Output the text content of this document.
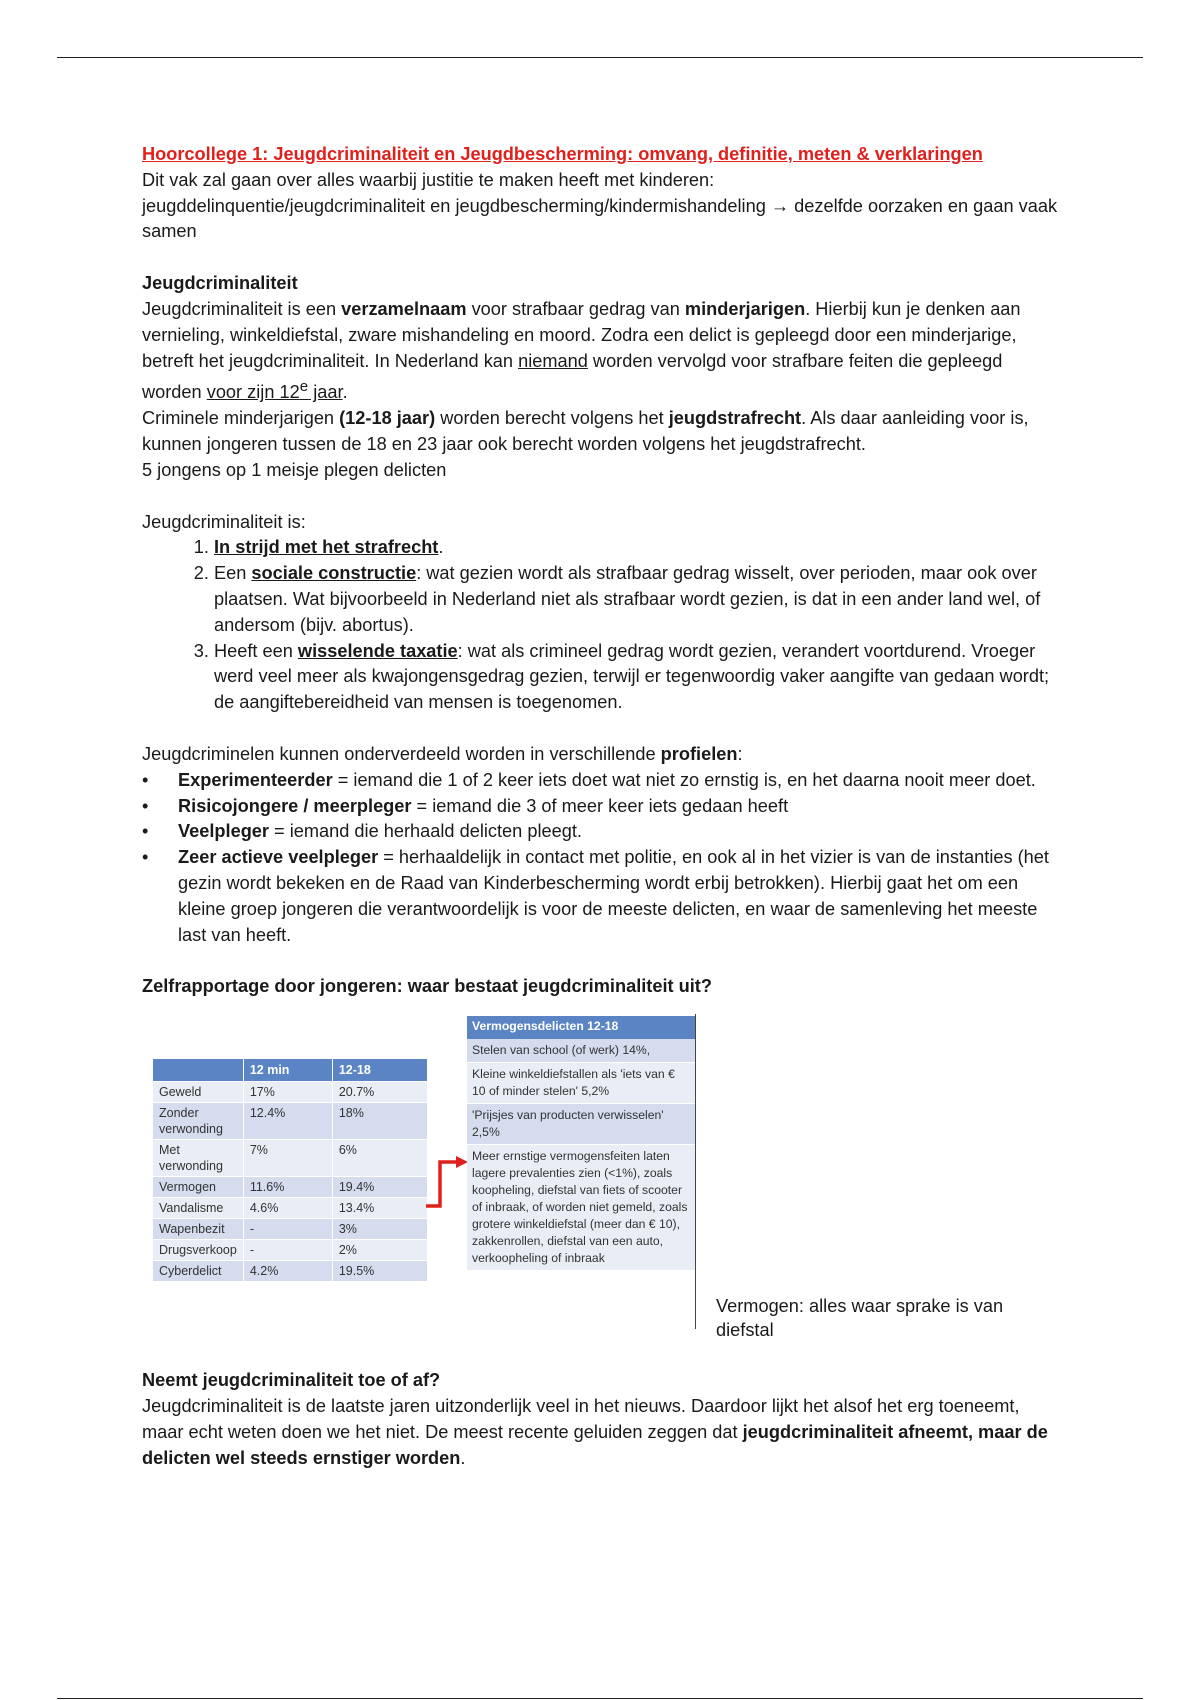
Hoorcollege 1: Jeugdcriminaliteit en Jeugdbescherming: omvang, definitie, meten & verklaringen

Dit vak zal gaan over alles waarbij justitie te maken heeft met kinderen:
jeugddelinquentie/jeugdcriminaliteit en jeugdbescherming/kindermishandeling → dezelfde oorzaken en gaan vaak samen

Jeugdcriminaliteit

Jeugdcriminaliteit is een verzamelnaam voor strafbaar gedrag van minderjarigen. Hierbij kun je denken aan vernieling, winkeldiefstal, zware mishandeling en moord. Zodra een delict is gepleegd door een minderjarige, betreft het jeugdcriminaliteit. In Nederland kan niemand worden vervolgd voor strafbare feiten die gepleegd worden voor zijn 12e jaar.
Criminele minderjarigen (12-18 jaar) worden berecht volgens het jeugdstrafrecht. Als daar aanleiding voor is, kunnen jongeren tussen de 18 en 23 jaar ook berecht worden volgens het jeugdstrafrecht.
5 jongens op 1 meisje plegen delicten

Jeugdcriminaliteit is:

1. In strijd met het strafrecht.
2. Een sociale constructie: wat gezien wordt als strafbaar gedrag wisselt, over perioden, maar ook over plaatsen. Wat bijvoorbeeld in Nederland niet als strafbaar wordt gezien, is dat in een ander land wel, of andersom (bijv. abortus).
3. Heeft een wisselende taxatie: wat als crimineel gedrag wordt gezien, verandert voortdurend. Vroeger werd veel meer als kwajongensgedrag gezien, terwijl er tegenwoordig vaker aangifte van gedaan wordt; de aangiftebereidheid van mensen is toegenomen.

Jeugdcriminelen kunnen onderverdeeld worden in verschillende profielen:

• Experimenteerder = iemand die 1 of 2 keer iets doet wat niet zo ernstig is, en het daarna nooit meer doet.
• Risicojongere / meerpleger = iemand die 3 of meer keer iets gedaan heeft
• Veelpleger = iemand die herhaald delicten pleegt.
• Zeer actieve veelpleger = herhaaldelijk in contact met politie, en ook al in het vizier is van de instanties (het gezin wordt bekeken en de Raad van Kinderbescherming wordt erbij betrokken). Hierbij gaat het om een kleine groep jongeren die verantwoordelijk is voor de meeste delicten, en waar de samenleving het meeste last van heeft.

Zelfrapportage door jongeren: waar bestaat jeugdcriminaliteit uit?

	12 min	12-18
Geweld	17%	20.7%
Zonder verwonding	12.4%	18%
Met verwonding	7%	6%
Vermogen	11.6%	19.4%
Vandalisme	4.6%	13.4%
Wapenbezit	-	3%
Drugsverkoop	-	2%
Cyberdelict	4.2%	19.5%
Vermogensdelicten 12-18
Stelen van school (of werk) 14%,
Kleine winkeldiefstallen als 'iets van € 10 of minder stelen' 5,2%
'Prijsjes van producten verwisselen' 2,5%
Meer ernstige vermogensfeiten laten lagere prevalenties zien (<1%), zoals koopheling, diefstal van fiets of scooter of inbraak, of worden niet gemeld, zoals grotere winkeldiefstal (meer dan € 10), zakkenrollen, diefstal van een auto, verkoopheling of inbraak
Vermogen: alles waar sprake is van diefstal

Neemt jeugdcriminaliteit toe of af?

Jeugdcriminaliteit is de laatste jaren uitzonderlijk veel in het nieuws. Daardoor lijkt het alsof het erg toeneemt, maar echt weten doen we het niet. De meest recente geluiden zeggen dat jeugdcriminaliteit afneemt, maar de delicten wel steeds ernstiger worden.
